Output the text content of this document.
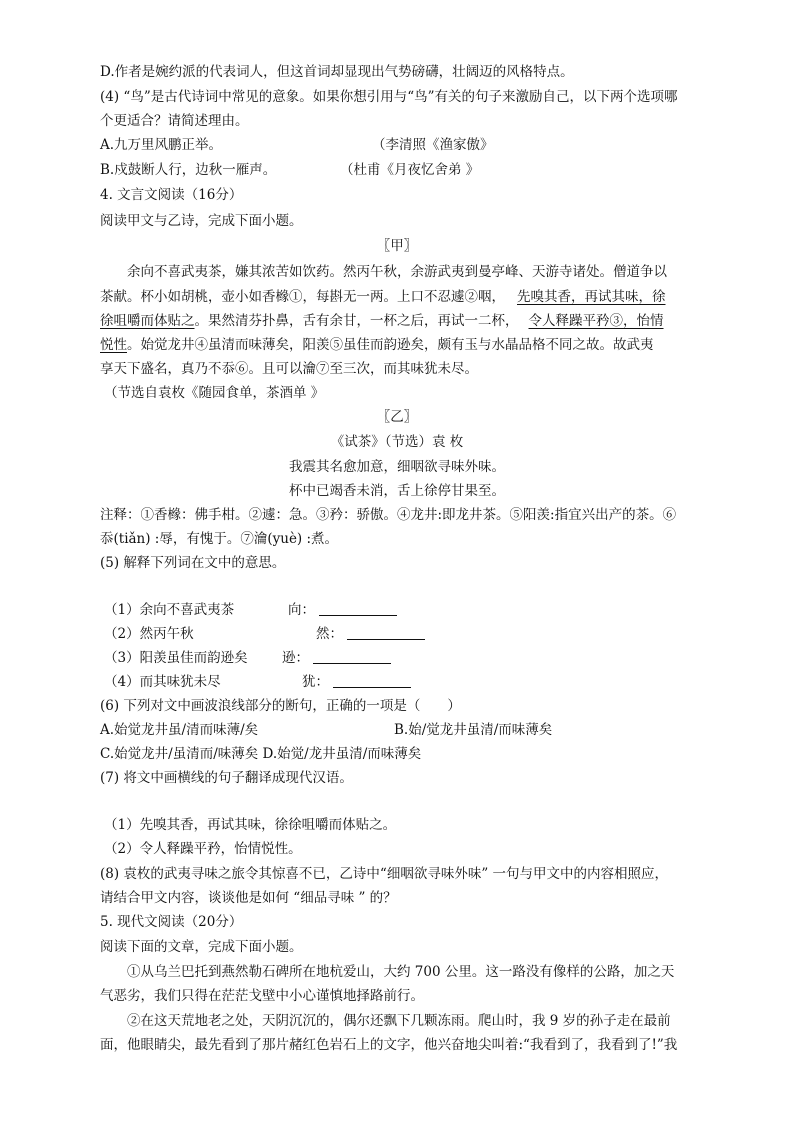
D.作者是婉约派的代表词人，但这首词却显现出气势磅礴，壮阔迈的风格特点。
(4) “鸟”是古代诗词中常见的意象。如果你想引用与“鸟”有关的句子来激励自己，以下两个选项哪
个更适合？请简述理由。
A.九万里风鹏正举。	（李清照《渔家傲》
B.戍鼓断人行，边秋一雁声。	（杜甫《月夜忆舍弟 》
4. 文言文阅读（16分）
阅读甲文与乙诗，完成下面小题。
〖甲〗
余向不喜武夷茶，嫌其浓苦如饮药。然丙午秋，余游武夷到曼亭峰、天游寺诸处。僧道争以
茶献。杯小如胡桃，壶小如香橼①，每斟无一两。上口不忍遽②咽， 先嗅其香，再试其味，徐
徐咀嚼而体贴之。果然清芬扑鼻，舌有余甘，一杯之后，再试一二杯， 令人释躁平矜③，怡情
悦性。始觉龙井④虽清而味薄矣，阳羡⑤虽佳而韵逊矣，颇有玉与水晶品格不同之故。故武夷
享天下盛名，真乃不忝⑥。且可以瀹⑦至三次，而其味犹未尽。
（节选自袁枚《随园食单，茶酒单 》
〖乙〗
《试茶》（节选）袁 枚
我震其名愈加意，细咽欲寻味外味。
杯中已竭香未消，舌上徐停甘果至。
注释：①香橼：佛手柑。②遽：急。③矜：骄傲。④龙井:即龙井茶。⑤阳羡:指宜兴出产的茶。⑥
忝(tiǎn) :辱，有愧于。⑦瀹(yuè) :煮。
(5) 解释下列词在文中的意思。
（1）余向不喜武夷茶	向：
（2）然丙午秋	然：
（3）阳羡虽佳而韵逊矣	逊：
（4）而其味犹未尽	犹：
(6) 下列对文中画波浪线部分的断句，正确的一项是（　　）
A.始觉龙井虽/清而味薄/矣	B.始/觉龙井虽清/而味薄矣
C.始觉龙井/虽清而/味薄矣 D.始觉/龙井虽清/而味薄矣
(7) 将文中画横线的句子翻译成现代汉语。
（1）先嗅其香，再试其味，徐徐咀嚼而体贴之。
（2）令人释躁平矜，怡情悦性。
(8) 袁枚的武夷寻味之旅令其惊喜不已，乙诗中“细咽欲寻味外味” 一句与甲文中的内容相照应，
请结合甲文内容，谈谈他是如何 “细品寻味 ” 的？
5. 现代文阅读（20分）
阅读下面的文章，完成下面小题。
①从乌兰巴托到燕然勒石碑所在地杭爱山，大约 700 公里。这一路没有像样的公路，加之天
气恶劣，我们只得在茫茫戈壁中小心谨慎地择路前行。
②在这天荒地老之处，天阴沉沉的，偶尔还飘下几颗冻雨。爬山时，我 9 岁的孙子走在最前
面，他眼睛尖，最先看到了那片赭红色岩石上的文字，他兴奋地尖叫着:“我看到了，我看到了!”我
